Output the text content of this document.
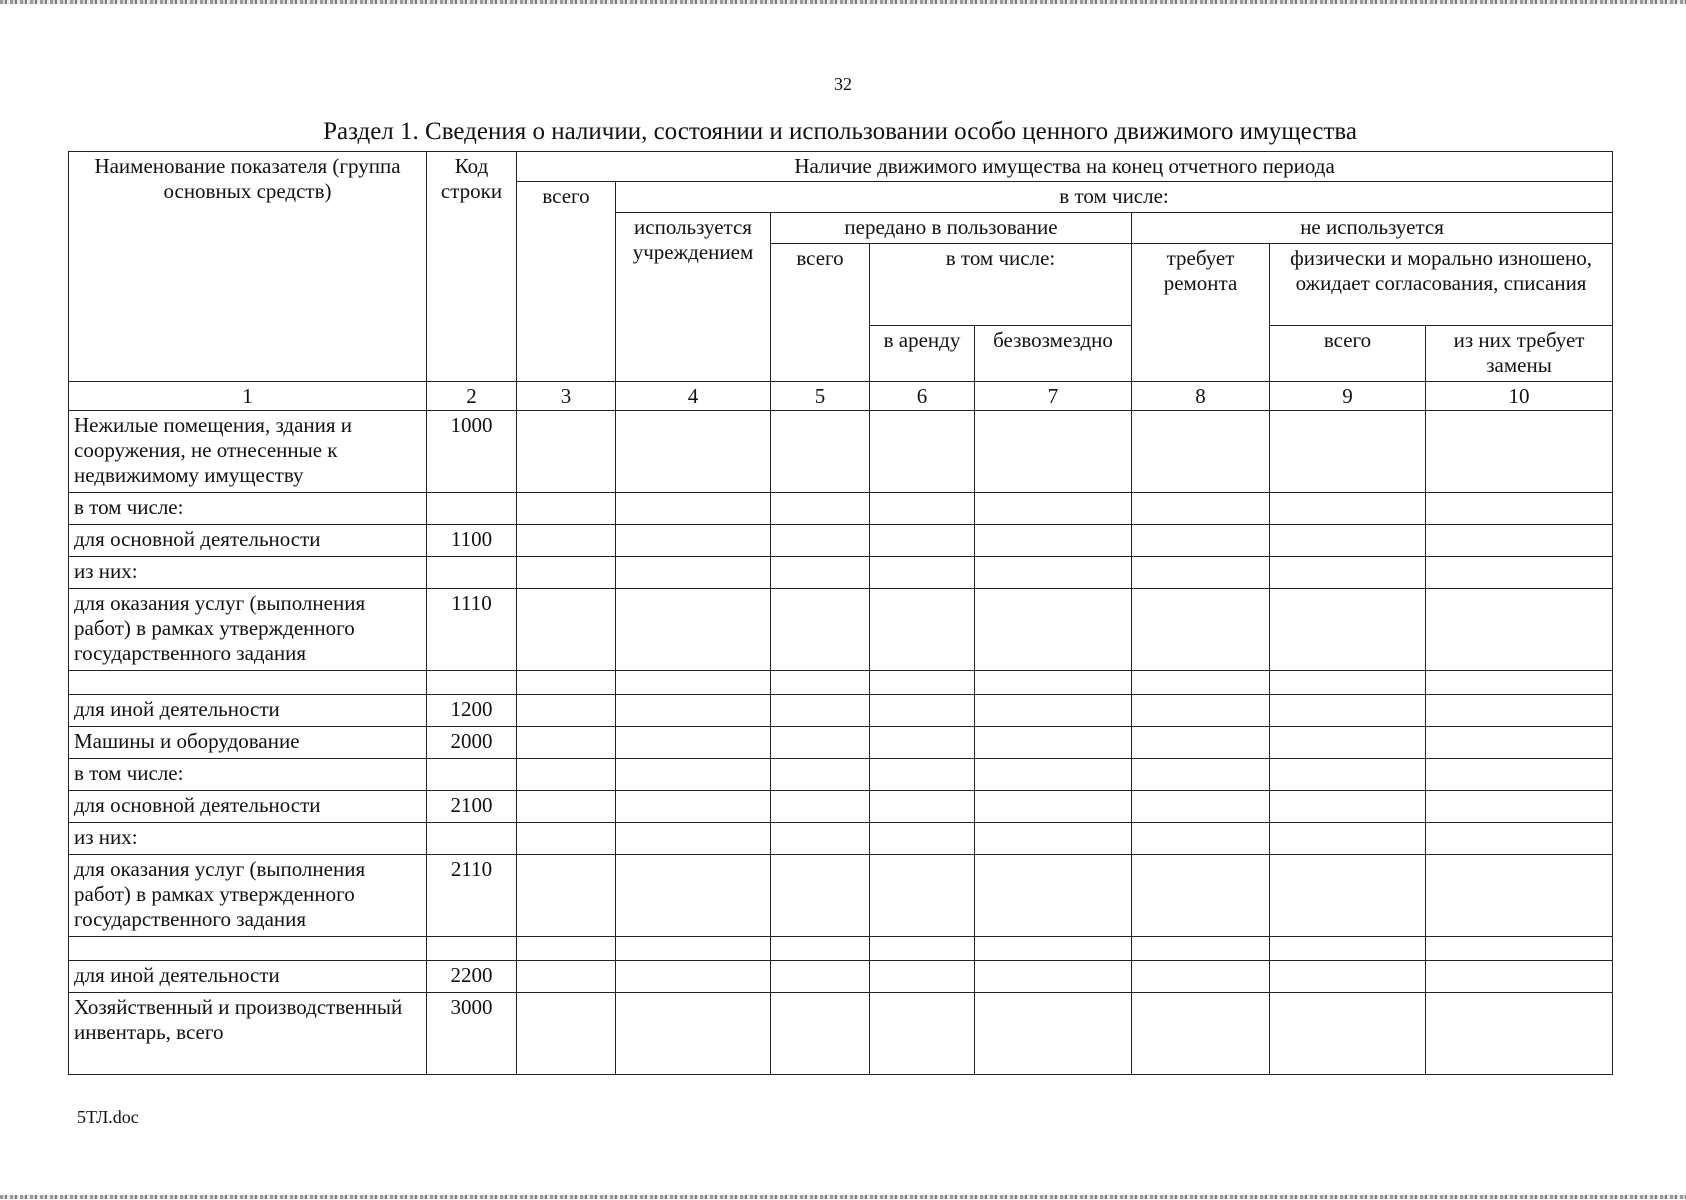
32
Раздел 1. Сведения о наличии, состоянии и использовании особо ценного движимого имущества
Наименование показателя (группа основных средств)	Код строки	Наличие движимого имущества на конец отчетного периода							
		всего	в том числе:						
			используется учреждением	передано в пользование			не используется		
				всего	в том числе:		требует ремонта	физически и морально изношено, ожидает согласования, списания	
					в аренду	безвозмездно		всего	из них требует замены

1	2	3	4	5	6	7	8	9	10
Нежилые помещения, здания и сооружения, не отнесенные к недвижимому имуществу	1000								
в том числе:									
для основной деятельности	1100								
из них:									
для оказания услуг (выполнения работ) в рамках утвержденного государственного задания	1110								

для иной деятельности	1200								
Машины и оборудование	2000								
в том числе:									
для основной деятельности	2100								
из них:									
для оказания услуг (выполнения работ) в рамках утвержденного государственного задания	2110								

для иной деятельности	2200								
Хозяйственный и производственный инвентарь, всего	3000								
5ТЛ.doc
